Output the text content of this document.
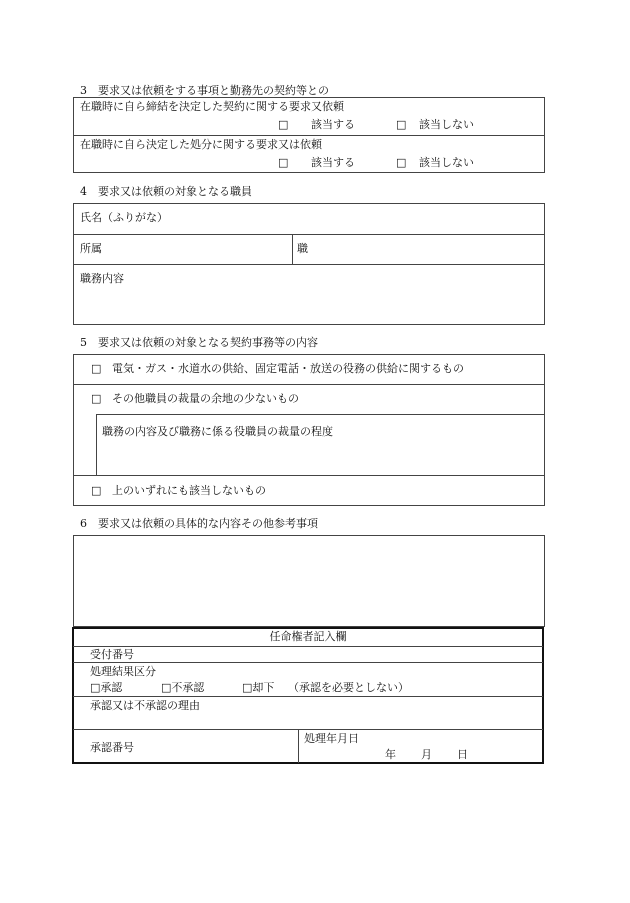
3　要求又は依頼をする事項と勤務先の契約等との
在職時に自ら締結を決定した契約に関する要求又依頼
□ 該当する	□ 該当しない
在職時に自ら決定した処分に関する要求又は依頼
□ 該当する	□ 該当しない
4　要求又は依頼の対象となる職員
氏名（ふりがな）
所属	職
職務内容
5　要求又は依頼の対象となる契約事務等の内容
□ 電気・ガス・水道水の供給、固定電話・放送の役務の供給に関するもの
□ その他職員の裁量の余地の少ないもの
職務の内容及び職務に係る役職員の裁量の程度
□ 上のいずれにも該当しないもの
6　要求又は依頼の具体的な内容その他参考事項
任命権者記入欄
受付番号
処理結果区分
□承認	□不承認	□却下 （承認を必要としない）
承認又は不承認の理由
承認番号
処理年月日
年 月 日
